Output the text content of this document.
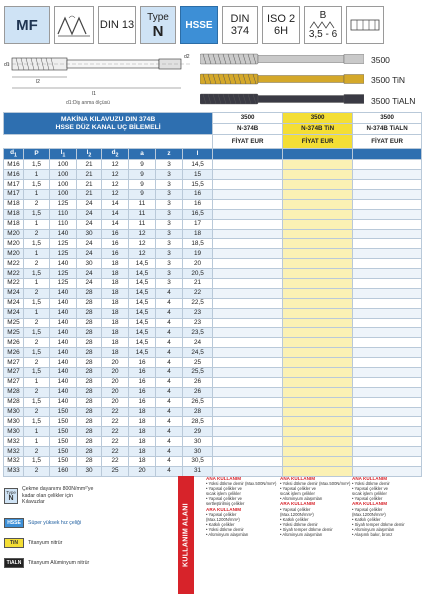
MF	DIN 13
Type
N HSSE DIN
374
ISO 2
6H
B
3,5 - 6
l2
l1
d1
d2
d1:Diş anma ölçüsü
3500
3500 TiN
3500 TiALN
MAKİNA KILAVUZU DIN 374B
HSSE DÜZ KANAL UÇ BİLEMELİ								3500	3500	3500
								N-374B	N-374B TiN	N-374B TiALN
								FİYAT EUR	FİYAT EUR	FİYAT EUR
$d_1$	P	$l_1$	$l_2$	$d_2$	a	z	l			
M16	1,5	100	21	12	9	3	14,5			
M16	1	100	21	12	9	3	15			
M17	1,5	100	21	12	9	3	15,5			
M17	1	100	21	12	9	3	16			
M18	2	125	24	14	11	3	16			
M18	1,5	110	24	14	11	3	16,5			
M18	1	110	24	14	11	3	17			
M20	2	140	30	16	12	3	18			
M20	1,5	125	24	16	12	3	18,5			
M20	1	125	24	16	12	3	19			
M22	2	140	30	18	14,5	3	20			
M22	1,5	125	24	18	14,5	3	20,5			
M22	1	125	24	18	14,5	3	21			
M24	2	140	28	18	14,5	4	22			
M24	1,5	140	28	18	14,5	4	22,5			
M24	1	140	28	18	14,5	4	23			
M25	2	140	28	18	14,5	4	23			
M25	1,5	140	28	18	14,5	4	23,5			
M26	2	140	28	18	14,5	4	24			
M26	1,5	140	28	18	14,5	4	24,5			
M27	2	140	28	20	16	4	25			
M27	1,5	140	28	20	16	4	25,5			
M27	1	140	28	20	16	4	26			
M28	2	140	28	20	16	4	26			
M28	1,5	140	28	20	16	4	26,5			
M30	2	150	28	22	18	4	28			
M30	1,5	150	28	22	18	4	28,5			
M30	1	150	28	22	18	4	29			
M32	1	150	28	22	18	4	30			
M32	2	150	28	22	18	4	30			
M32	1,5	150	28	22	18	4	30,5			
M33	2	160	30	25	20	4	31			
Type
N
Çekme dayanımı 800N/mm²'ye
kadar olan çelikler için
Kılavuzlar
HSSE	Süper yüksek hız çeliği
TiN	Titanyum nitrür
TiALN	Titanyum Alüminyum nitrür	KULLANIM ALANI
ANA KULLANIM
• Yoksi dökme demir (Max.500N/mm²)
• Yapısal çelikler ve
sıcak işlem çelikler
• Yapısal çelikler ve
sertleştirilmiş çelikler
ARA KULLANIM
• Yapısal çelikler
(Max.1200N/mm²)
• Katkılı çelikler
• Yoksi dökme demir
• Alüminyum alaşımları
ANA KULLANIM
• Yoksi dökme demir (Max.500N/mm²)
• Yapısal çelikler ve
sıcak işlem çelikler
• Alüminyum alaşımları
ARA KULLANIM
• Yapısal çelikler
(Max.1200N/mm²)
• Katkılı çelikler
• Yoksi dökme demir
• Siyah temper dökme demir
• Alüminyum alaşımları
ANA KULLANIM
• Yoksi dökme demir
• Yapısal çelikler ve
sıcak işlem çelikler
• Yapısal çelikler
ARA KULLANIM
• Yapısal çelikler
(Max.1200N/mm²)
• Katkılı çelikler
• Siyah temper dökme demir
• Alüminyum alaşımları
• Alaşımlı bakır, bronz
